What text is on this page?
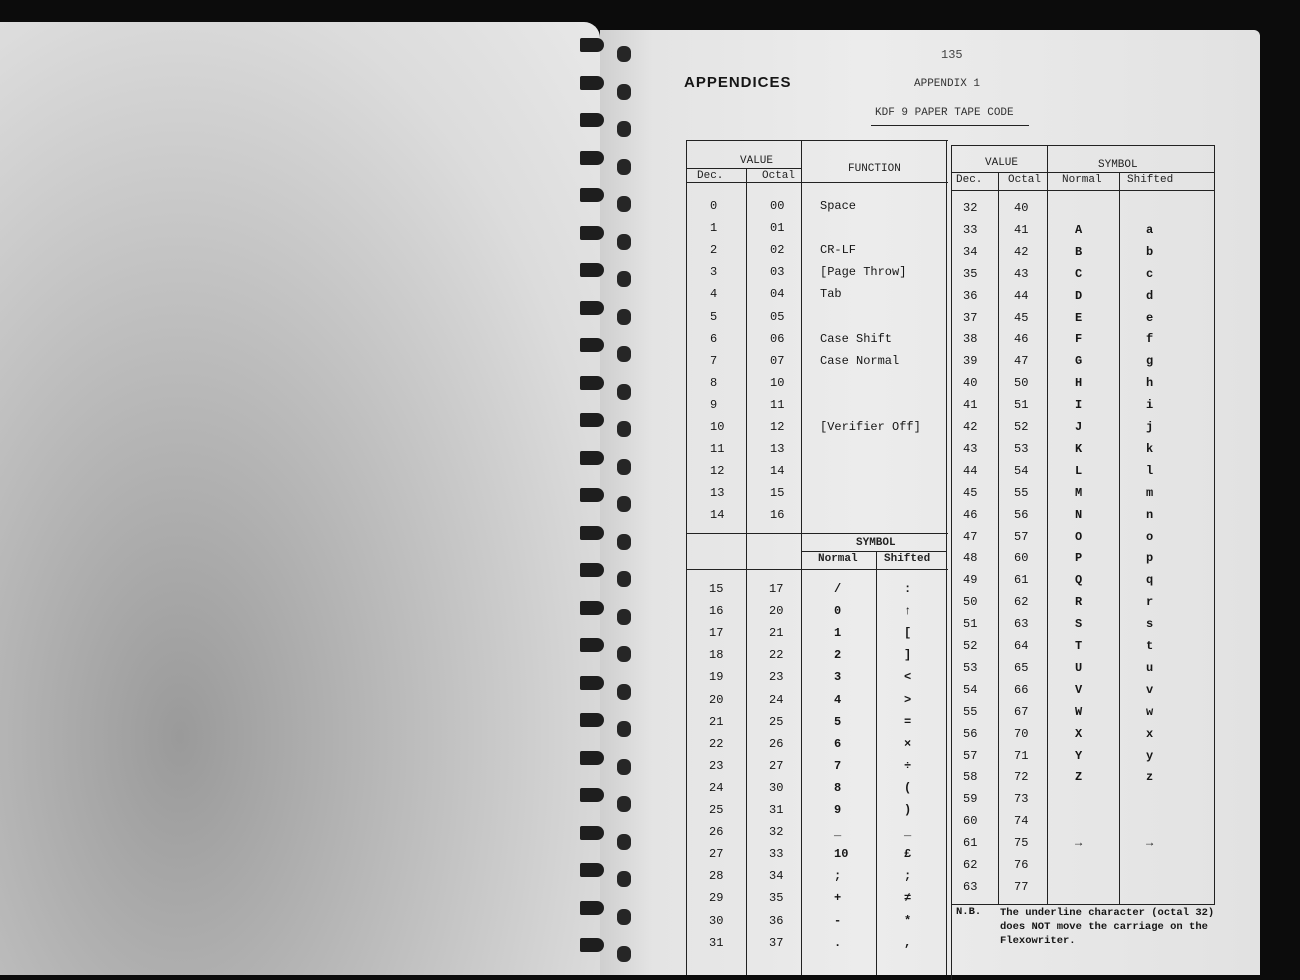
135
APPENDICES	APPENDIX 1
KDF 9 PAPER TAPE CODE
VALUE
Dec.	Octal
FUNCTION
SYMBOL
Normal Shifted
VALUE	SYMBOL
Dec. Octal Normal Shifted
0	00	Space
1	01
2	02	CR-LF
3	03	[Page Throw]
4	04	Tab
5	05
6	06	Case Shift
7	07	Case Normal
8	10
9	11
10	12	[Verifier Off]
11	13
12	14
13	15
14	16
15	17	/	:
16	20	0	↑
17	21	1	[
18	22	2	]
19	23	3	<
20	24	4	>
21	25	5	=
22	26	6	×
23	27	7	÷
24	30	8	(
25	31	9	)
26	32	_	_
27	33	10	£
28	34	;	;
29	35	+	≠
30	36	-	*
31	37	.	,
32	40
33	41	A	a
34	42	B	b
35	43	C	c
36	44	D	d
37	45	E	e
38	46	F	f
39	47	G	g
40	50	H	h
41	51	I	i
42	52	J	j
43	53	K	k
44	54	L	l
45	55	M	m
46	56	N	n
47	57	O	o
48	60	P	p
49	61	Q	q
50	62	R	r
51	63	S	s
52	64	T	t
53	65	U	u
54	66	V	v
55	67	W	w
56	70	X	x
57	71	Y	y
58	72	Z	z
59	73
60	74
61	75	→	→
62	76
63	77
N.B. The underline character (octal 32) does NOT move the carriage on the Flexowriter.
